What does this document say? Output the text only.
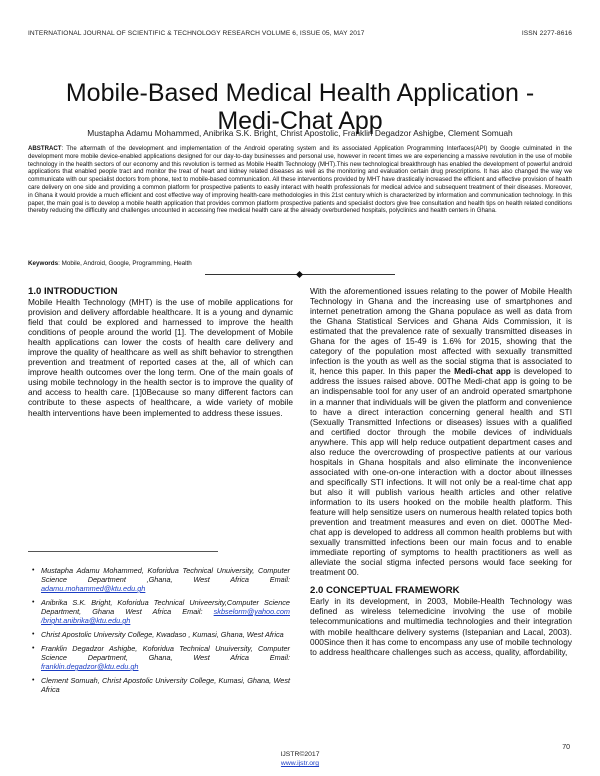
INTERNATIONAL JOURNAL OF SCIENTIFIC & TECHNOLOGY RESEARCH VOLUME 6, ISSUE 05, MAY 2017	ISSN 2277-8616
Mobile-Based Medical Health Application - Medi-Chat App
Mustapha Adamu Mohammed, Anibrika S.K. Bright, Christ Apostolic, Franklin Degadzor Ashigbe, Clement Somuah

ABSTRACT: The aftermath of the development and implementation of the Android operating system and its associated Application Programming Interfaces(API) by Google culminated in the development more mobile device-enabled applications designed for our day-to-day businesses and personal use, however in recent times we are experiencing a massive revolution in the use of mobile technology in the health sectors of our economy and this revolution is termed as Mobile Health Technology (MHT).This new technological breakthrough has enabled the development of powerful android applications that enabled people tract and monitor the treat of heart and kidney related diseases as well as the monitoring and evaluation certain drug prescriptions. It has also changed the way we communicate with our specialist doctors from phone, text to mobile-based communication. All these interventions provided by MHT have drastically increased the efficient and effective provision of health care delivery on one side and providing a common platform for prospective patients to easily interact with health professionals for medical advice and subsequent treatment of their diseases. Moreover, in Ghana it would provide a much efficient and cost effective way of improving health-care methodologies in this 21st century which is characterized by information and communication technology. In this paper, the main goal is to develop a mobile health application that provides common platform prospective patients and specialist doctors give free consultation and health tips on health related conditions thereby reducing the difficulty and challenges uncounted in accessing free medical health care at the already overburdened hospitals, polyclinics and health centers in Ghana.

Keywords: Mobile, Android, Google, Programming, Health
1.0 INTRODUCTION

Mobile Health Technology (MHT) is the use of mobile applications for provision and delivery affordable healthcare. It is a young and dynamic field that could be explored and harnessed to improve the health conditions of people around the world [1]. The development of Mobile health applications can lower the costs of health care delivery and improve the quality of healthcare as well as shift behavior to strengthen prevention and treatment of reported cases at the, all of which can improve health outcomes over the long term. One of the main goals of using mobile technology in the health sector is to improve the quality of and access to health care. [1]0Because so many different factors can contribute to these aspects of healthcare, a wide variety of mobile health interventions have been implemented to address these issues.

• Mustapha Adamu Mohammed, Koforidua Technical Unuiversity, Computer Science Department ,Ghana, West Africa Email: adamu.mohammed@ktu.edu.gh
• Anibrika S.K. Bright, Koforidua Technical Univeersity,Computer Science Department, Ghana West Africa Email: skbselorm@yahoo.com /bright.anibrika@ktu.edu.gh
• Christ Apostolic University College, Kwadaso , Kumasi, Ghana, West Africa
• Franklin Degadzor Ashigbe, Koforidua Technical Unuiversity, Computer Science Department, Ghana, West Africa Email: franklin.degadzor@ktu.edu.gh
• Clement Somuah, Christ Apostolic University College, Kumasi, Ghana, West Africa

With the aforementioned issues relating to the power of Mobile Health Technology in Ghana and the increasing use of smartphones and internet penetration among the Ghana populace as well as data from the Ghana Statistical Services and Ghana Aids Commission, it is estimated that the prevalence rate of sexually transmitted diseases in Ghana for the ages of 15-49 is 1.6% for 2015, showing that the category of the population most affected with sexually transmitted infection is the youth as well as the social stigma that is associated to it, hence this paper. In this paper the Medi-chat app is developed to address the issues raised above. 00The Medi-chat app is going to be an indispensable tool for any user of an android operated smartphone in a manner that individuals will be given the platform and convenience to have a direct interaction concerning general health and STI (Sexually Transmitted Infections or diseases) issues with a qualified and certified doctor through the mobile devices of individuals anywhere. This app will help reduce outpatient department cases and also reduce the overcrowding of prospective patients at our various hospitals in Ghana hospitals and also eliminate the inconvenience associated with one-on-one interaction with a doctor about illnesses and specifically STI infections. It will not only be a real-time chat app but also it will publish various health articles and other relative information to its users hooked on the mobile health platform. This feature will help sensitize users on numerous health related topics both prevention and treatment measures and even on diet. 000The Med-chat app is developed to address all common health problems but with sexually transmitted infections been our main focus and to enable immediate reporting of symptoms to health practitioners as well as alleviate the social stigma infected persons would face seeking for treatment 00.

2.0 CONCEPTUAL FRAMEWORK

Early in its development, in 2003, Mobile-Health Technology was defined as wireless telemedicine involving the use of mobile telecommunications and multimedia technologies and their integration with mobile healthcare delivery systems (Istepanian and Lacal, 2003). 000Since then it has come to encompass any use of mobile technology to address healthcare challenges such as access, quality, affordability,

70
IJSTR©2017
www.ijstr.org
